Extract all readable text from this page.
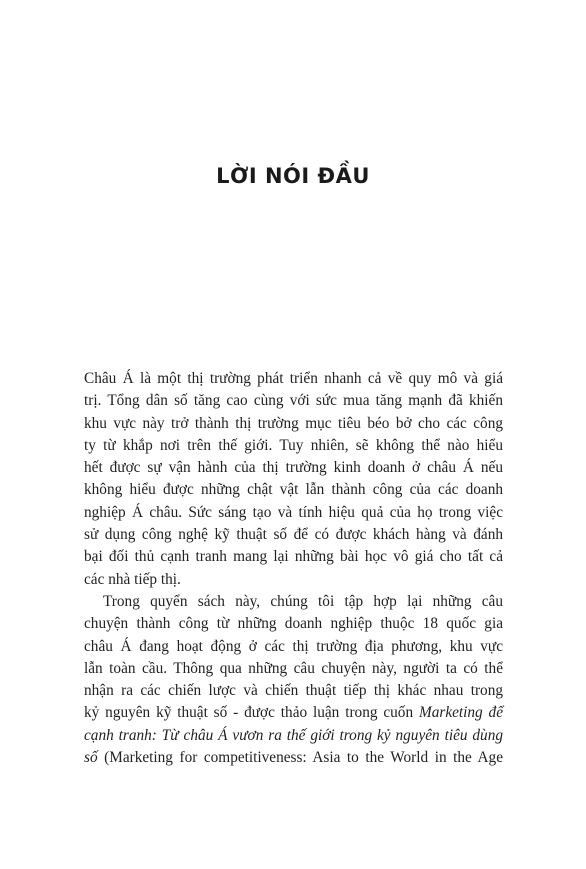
LỜI NÓI ĐẦU
Châu Á là một thị trường phát triển nhanh cả về quy mô và giá
trị. Tổng dân số tăng cao cùng với sức mua tăng mạnh đã khiến
khu vực này trở thành thị trường mục tiêu béo bở cho các công
ty từ khắp nơi trên thế giới. Tuy nhiên, sẽ không thể nào hiểu
hết được sự vận hành của thị trường kinh doanh ở châu Á nếu
không hiểu được những chật vật lẫn thành công của các doanh
nghiệp Á châu. Sức sáng tạo và tính hiệu quả của họ trong việc
sử dụng công nghệ kỹ thuật số để có được khách hàng và đánh
bại đối thủ cạnh tranh mang lại những bài học vô giá cho tất cả
các nhà tiếp thị.
Trong quyển sách này, chúng tôi tập hợp lại những câu
chuyện thành công từ những doanh nghiệp thuộc 18 quốc gia
châu Á đang hoạt động ở các thị trường địa phương, khu vực
lẫn toàn cầu. Thông qua những câu chuyện này, người ta có thể
nhận ra các chiến lược và chiến thuật tiếp thị khác nhau trong
kỷ nguyên kỹ thuật số - được thảo luận trong cuốn Marketing để
cạnh tranh: Từ châu Á vươn ra thế giới trong kỷ nguyên tiêu dùng
số (Marketing for competitiveness: Asia to the World in the Age
